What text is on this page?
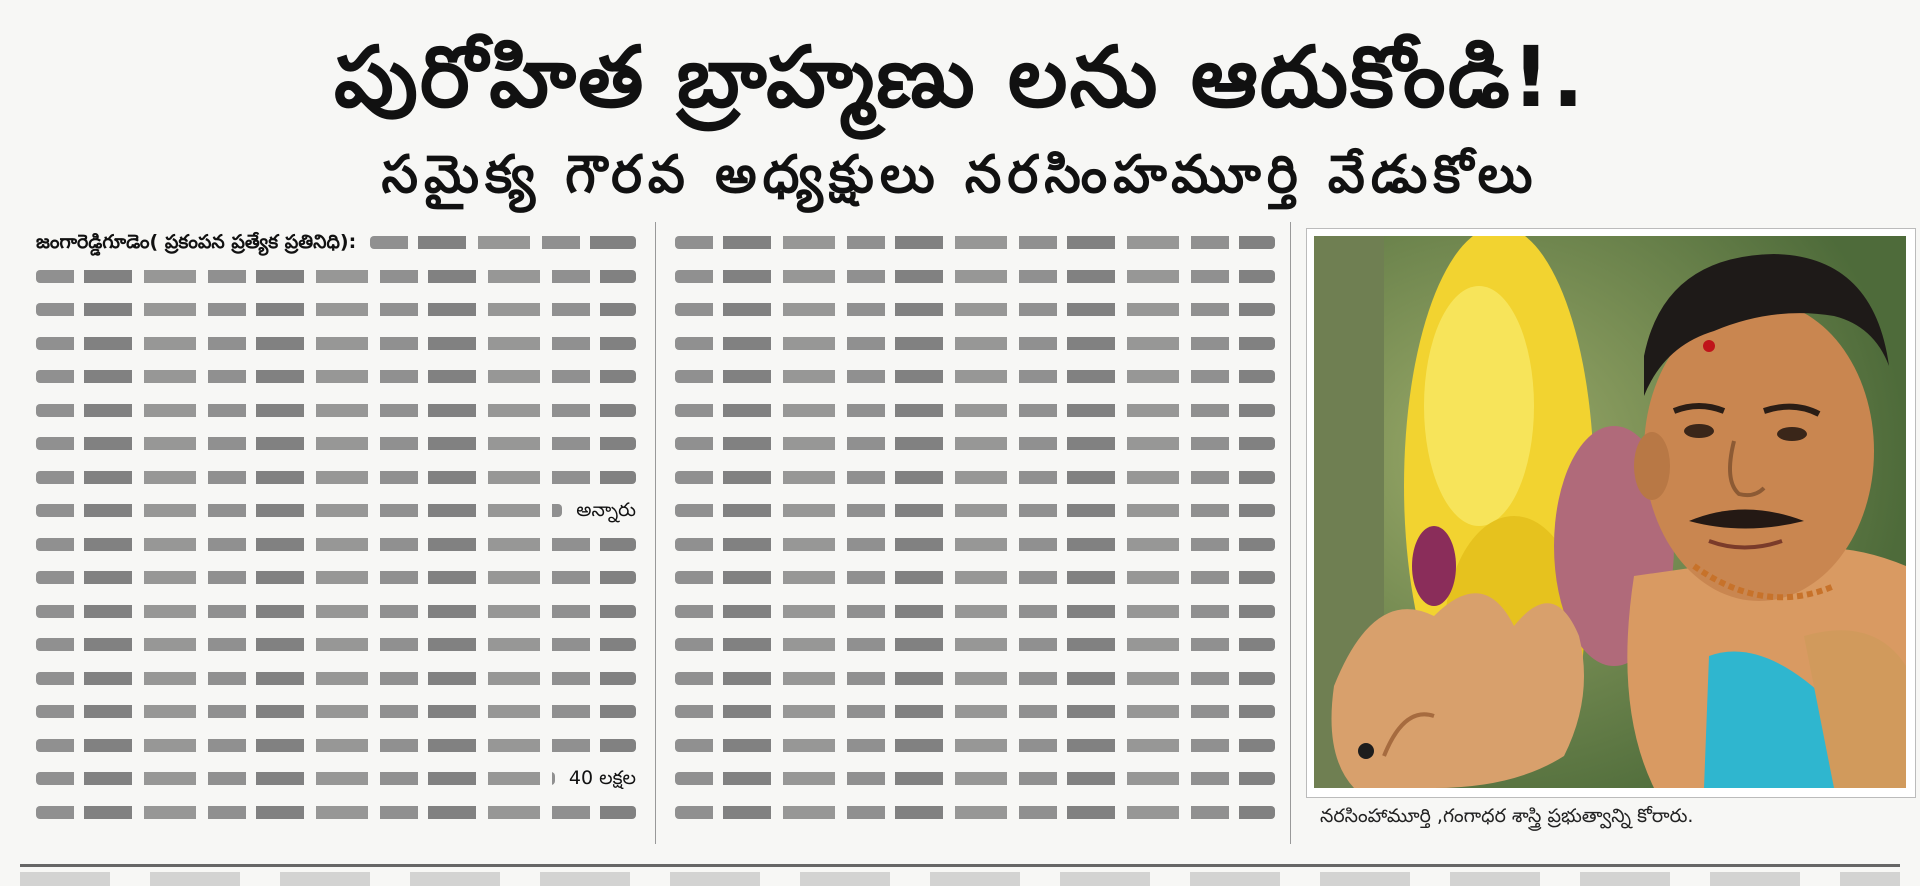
పురోహిత బ్రాహ్మణు లను ఆదుకోండి!.
సమైక్య గౌరవ అధ్యక్షులు నరసింహమూర్తి వేడుకోలు
జంగారెడ్డిగూడెం( ప్రకంపన ప్రత్యేక ప్రతినిధి):
అన్నారు
40 లక్షల
నరసింహామూర్తి ,గంగాధర శాస్త్రి ప్రభుత్వాన్ని కోరారు.
